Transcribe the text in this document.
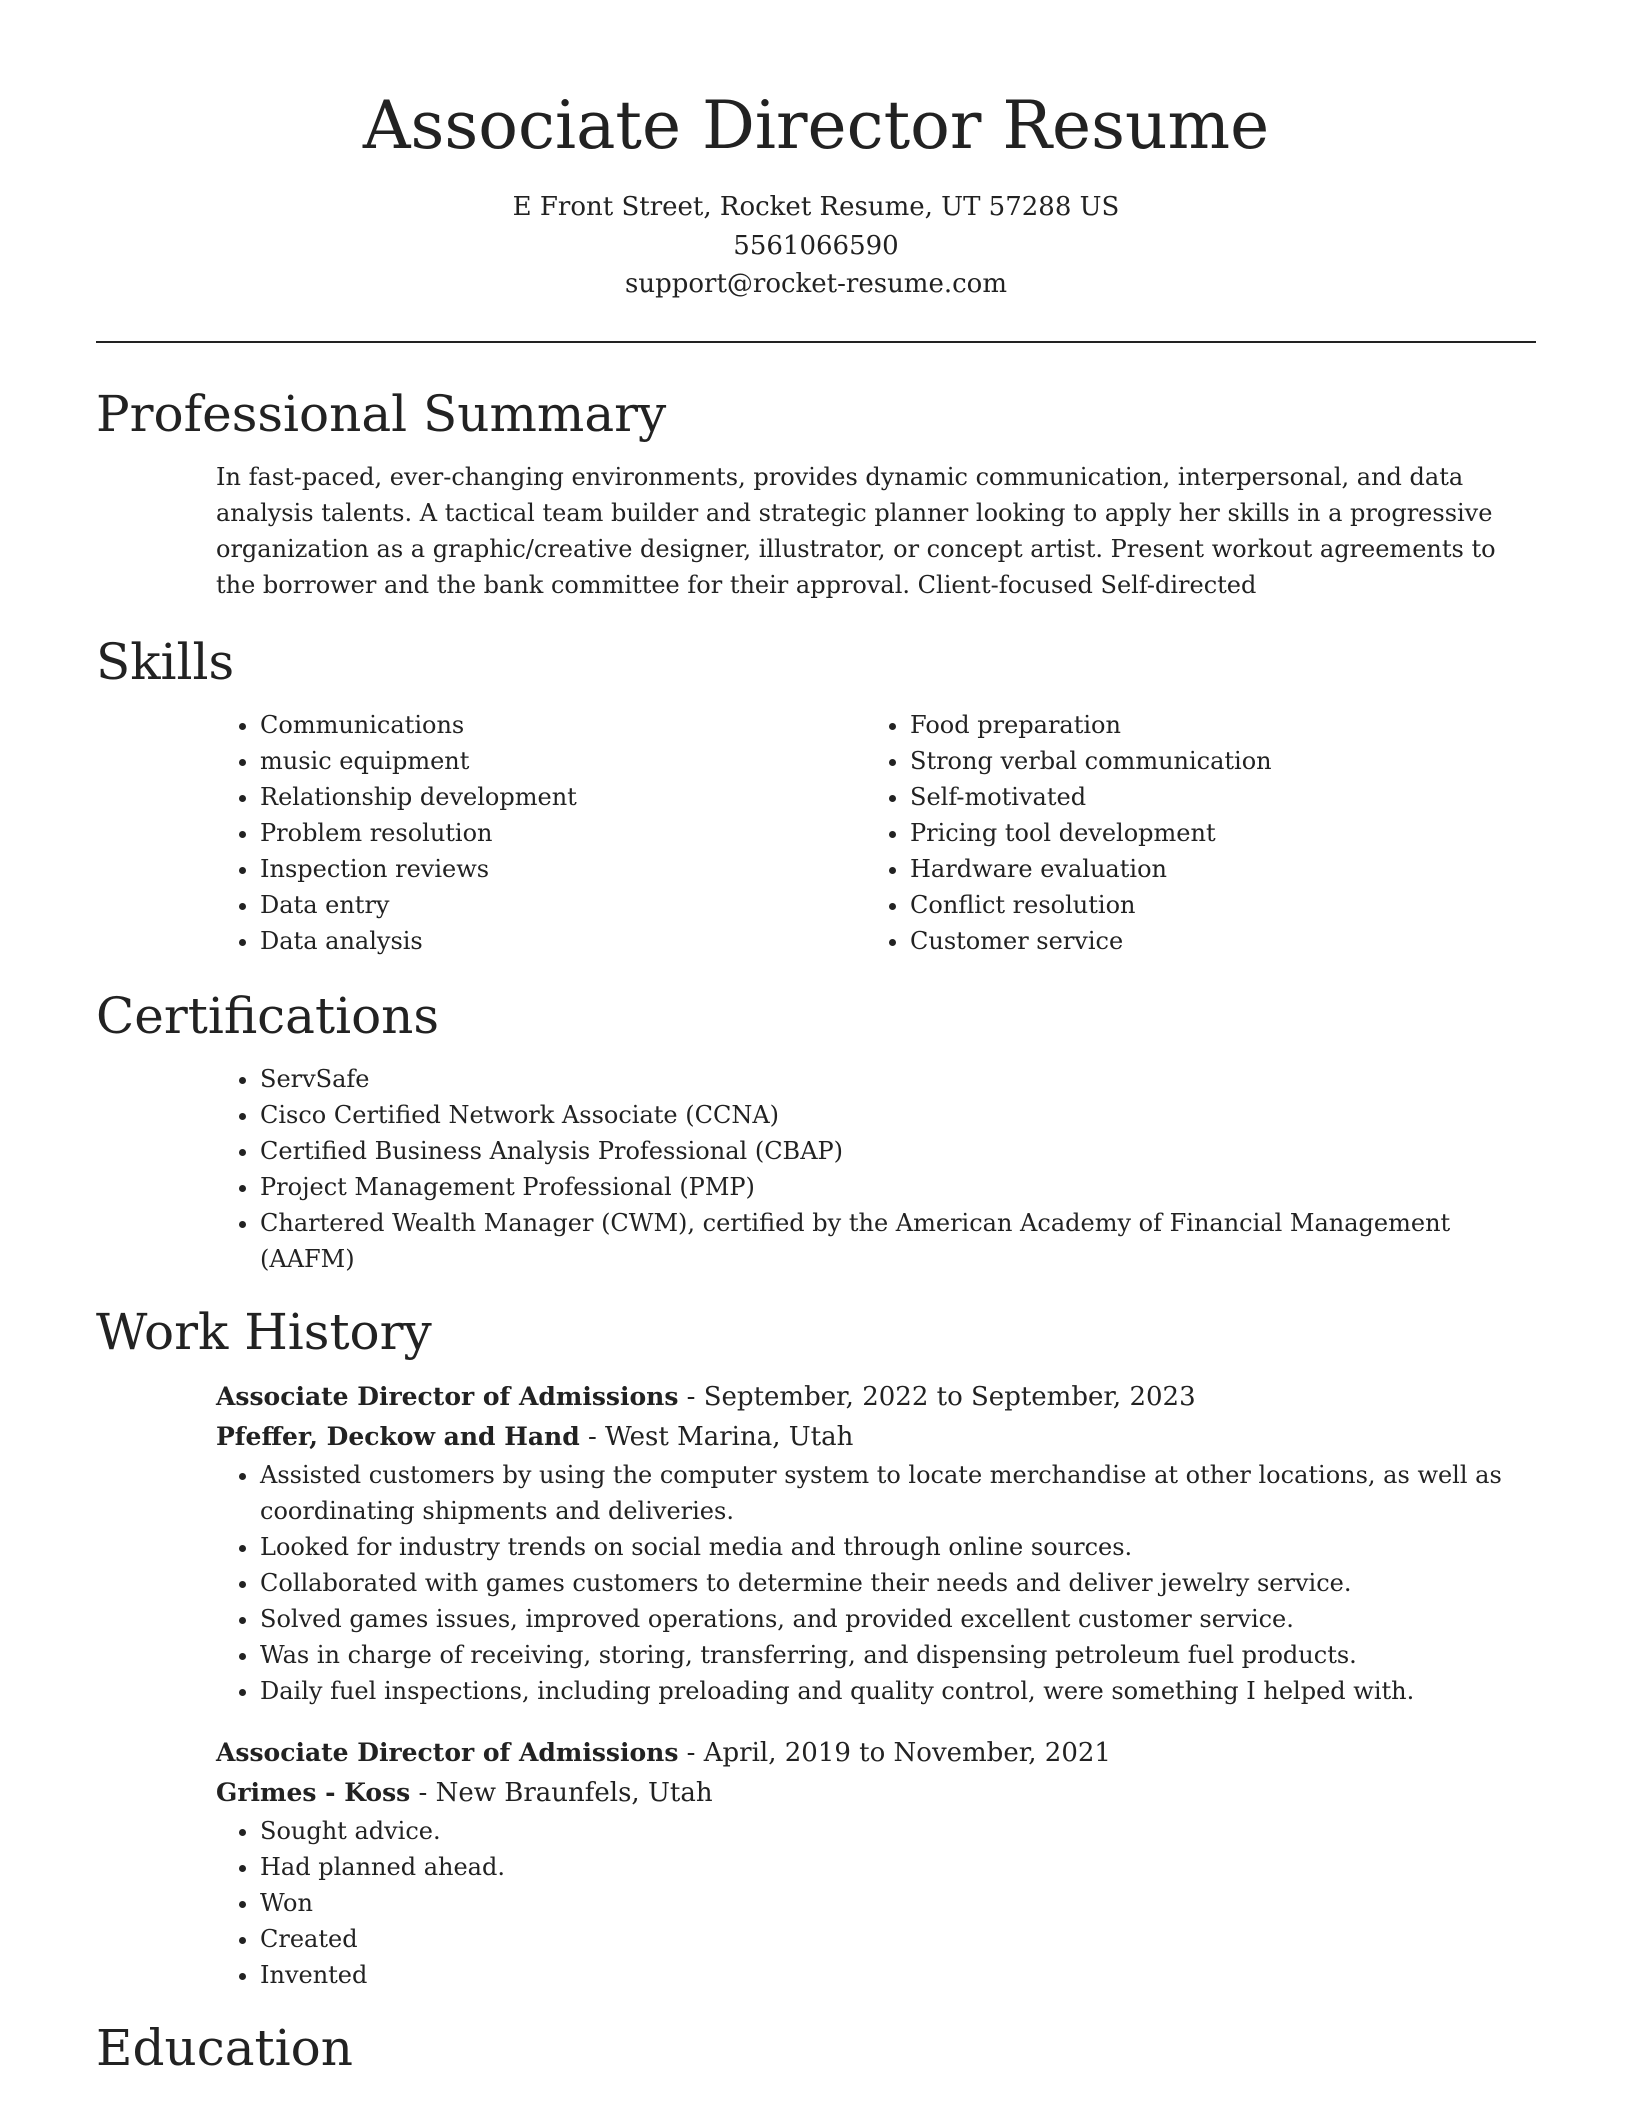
Associate Director Resume
E Front Street, Rocket Resume, UT 57288 US
5561066590
support@rocket-resume.com
Professional Summary

In fast-paced, ever-changing environments, provides dynamic communication, interpersonal, and data analysis talents. A tactical team builder and strategic planner looking to apply her skills in a progressive organization as a graphic/creative designer, illustrator, or concept artist. Present workout agreements to the borrower and the bank committee for their approval. Client-focused Self-directed

Skills
• Communications
• music equipment
• Relationship development
• Problem resolution
• Inspection reviews
• Data entry
• Data analysis
• Food preparation
• Strong verbal communication
• Self-motivated
• Pricing tool development
• Hardware evaluation
• Conflict resolution
• Customer service
Certifications
• ServSafe
• Cisco Certified Network Associate (CCNA)
• Certified Business Analysis Professional (CBAP)
• Project Management Professional (PMP)
• Chartered Wealth Manager (CWM), certified by the American Academy of Financial Management (AAFM)
Work History
Associate Director of Admissions - September, 2022 to September, 2023
Pfeffer, Deckow and Hand - West Marina, Utah
• Assisted customers by using the computer system to locate merchandise at other locations, as well as coordinating shipments and deliveries.
• Looked for industry trends on social media and through online sources.
• Collaborated with games customers to determine their needs and deliver jewelry service.
• Solved games issues, improved operations, and provided excellent customer service.
• Was in charge of receiving, storing, transferring, and dispensing petroleum fuel products.
• Daily fuel inspections, including preloading and quality control, were something I helped with.
Associate Director of Admissions - April, 2019 to November, 2021
Grimes - Koss - New Braunfels, Utah
• Sought advice.
• Had planned ahead.
• Won
• Created
• Invented
Education
